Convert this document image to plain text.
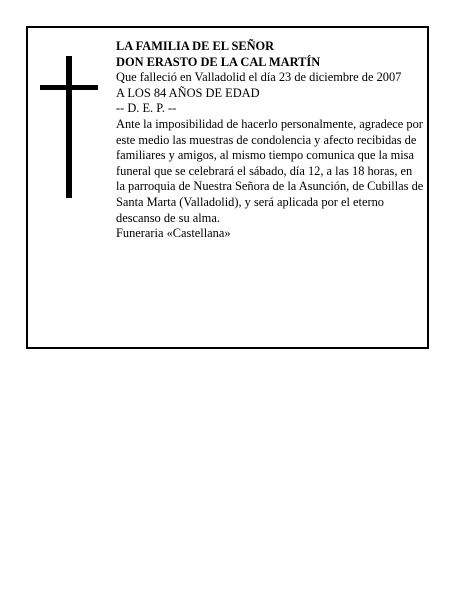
LA FAMILIA DE EL SEÑOR

DON ERASTO DE LA CAL MARTÍN

Que falleció en Valladolid el día 23 de diciembre de 2007

A LOS 84 AÑOS DE EDAD

-- D. E. P. --

Ante la imposibilidad de hacerlo personalmente, agradece por este medio las muestras de condolencia y afecto recibidas de familiares y amigos, al mismo tiempo comunica que la misa funeral que se celebrará el sábado, día 12, a las 18 horas, en la parroquia de Nuestra Señora de la Asunción, de Cubillas de Santa Marta (Valladolid), y será aplicada por el eterno descanso de su alma.

Funeraria «Castellana»
